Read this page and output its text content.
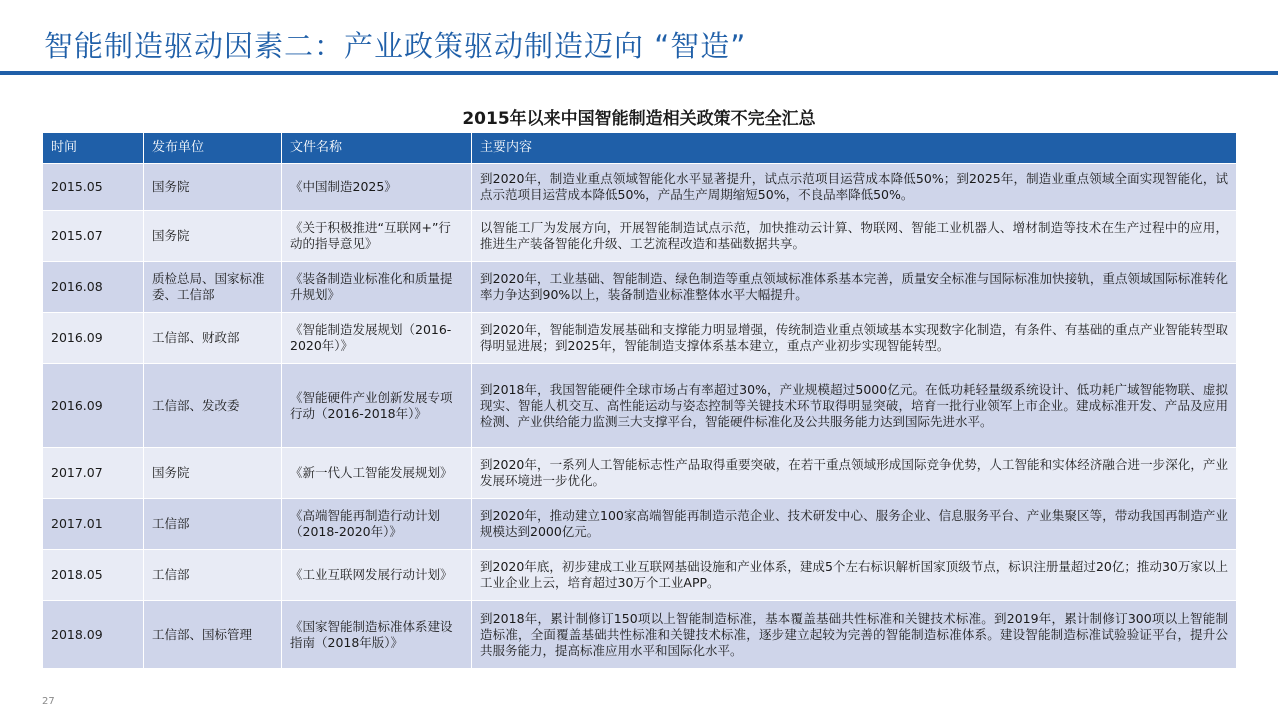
智能制造驱动因素二：产业政策驱动制造迈向 “智造”
2015年以来中国智能制造相关政策不完全汇总
时间	发布单位	文件名称	主要内容
2015.05	国务院	《中国制造2025》	到2020年，制造业重点领域智能化水平显著提升，试点示范项目运营成本降低50%；到2025年，制造业重点领域全面实现智能化，试点示范项目运营成本降低50%，产品生产周期缩短50%，不良品率降低50%。
2015.07	国务院	《关于积极推进“互联网+”行动的指导意见》	以智能工厂为发展方向，开展智能制造试点示范，加快推动云计算、物联网、智能工业机器人、增材制造等技术在生产过程中的应用，推进生产装备智能化升级、工艺流程改造和基础数据共享。
2016.08	质检总局、国家标准委、工信部	《装备制造业标准化和质量提升规划》	到2020年，工业基础、智能制造、绿色制造等重点领域标准体系基本完善，质量安全标准与国际标准加快接轨，重点领域国际标准转化率力争达到90%以上，装备制造业标准整体水平大幅提升。
2016.09	工信部、财政部	《智能制造发展规划（2016-2020年）》	到2020年，智能制造发展基础和支撑能力明显增强，传统制造业重点领域基本实现数字化制造，有条件、有基础的重点产业智能转型取得明显进展；到2025年，智能制造支撑体系基本建立，重点产业初步实现智能转型。
2016.09	工信部、发改委	《智能硬件产业创新发展专项行动（2016-2018年）》	到2018年，我国智能硬件全球市场占有率超过30%，产业规模超过5000亿元。在低功耗轻量级系统设计、低功耗广域智能物联、虚拟现实、智能人机交互、高性能运动与姿态控制等关键技术环节取得明显突破，培育一批行业领军上市企业。建成标准开发、产品及应用检测、产业供给能力监测三大支撑平台，智能硬件标准化及公共服务能力达到国际先进水平。
2017.07	国务院	《新一代人工智能发展规划》	到2020年，一系列人工智能标志性产品取得重要突破，在若干重点领域形成国际竞争优势，人工智能和实体经济融合进一步深化，产业发展环境进一步优化。
2017.01	工信部	《高端智能再制造行动计划（2018-2020年）》	到2020年，推动建立100家高端智能再制造示范企业、技术研发中心、服务企业、信息服务平台、产业集聚区等，带动我国再制造产业规模达到2000亿元。
2018.05	工信部	《工业互联网发展行动计划》	到2020年底，初步建成工业互联网基础设施和产业体系，建成5个左右标识解析国家顶级节点，标识注册量超过20亿；推动30万家以上工业企业上云，培育超过30万个工业APP。
2018.09	工信部、国标管理	《国家智能制造标准体系建设指南（2018年版）》	到2018年，累计制修订150项以上智能制造标准，基本覆盖基础共性标准和关键技术标准。到2019年，累计制修订300项以上智能制造标准，全面覆盖基础共性标准和关键技术标准，逐步建立起较为完善的智能制造标准体系。建设智能制造标准试验验证平台，提升公共服务能力，提高标准应用水平和国际化水平。
27
